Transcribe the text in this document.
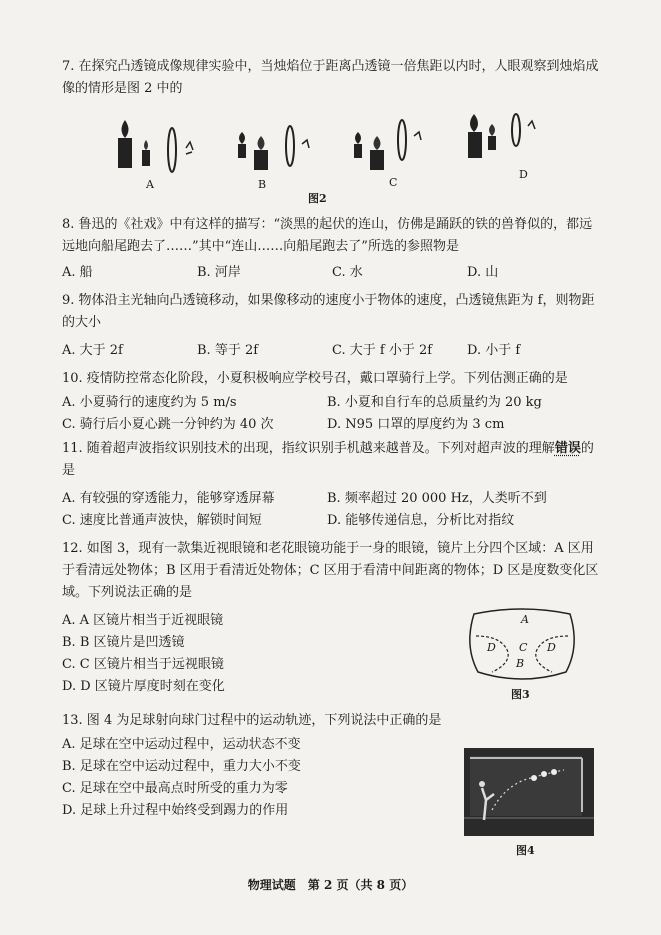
7. 在探究凸透镜成像规律实验中，当烛焰位于距离凸透镜一倍焦距以内时，人眼观察到烛焰成像的情形是图 2 中的
A	B	C
D
图2
8. 鲁迅的《社戏》中有这样的描写：“淡黑的起伏的连山，仿佛是踊跃的铁的兽脊似的，都远远地向船尾跑去了……”其中“连山……向船尾跑去了”所选的参照物是
A. 船	B. 河岸	C. 水	D. 山
9. 物体沿主光轴向凸透镜移动，如果像移动的速度小于物体的速度，凸透镜焦距为 f，则物距的大小
A. 大于 2f	B. 等于 2f	C. 大于 f 小于 2f	D. 小于 f
10. 疫情防控常态化阶段，小夏积极响应学校号召，戴口罩骑行上学。下列估测正确的是
A. 小夏骑行的速度约为 5 m/s	B. 小夏和自行车的总质量约为 20 kg
C. 骑行后小夏心跳一分钟约为 40 次	D. N95 口罩的厚度约为 3 cm
11. 随着超声波指纹识别技术的出现，指纹识别手机越来越普及。下列对超声波的理解错误的是
A. 有较强的穿透能力，能够穿透屏幕	B. 频率超过 20 000 Hz，人类听不到
C. 速度比普通声波快，解锁时间短	D. 能够传递信息，分析比对指纹
12. 如图 3，现有一款集近视眼镜和老花眼镜功能于一身的眼镜，镜片上分四个区域：A 区用于看清远处物体；B 区用于看清近处物体；C 区用于看清中间距离的物体；D 区是度数变化区域。下列说法正确的是
A. A 区镜片相当于近视眼镜
B. B 区镜片是凹透镜
C. C 区镜片相当于远视眼镜
D. D 区镜片厚度时刻在变化
A
D C D
B
图3
13. 图 4 为足球射向球门过程中的运动轨迹，下列说法中正确的是
A. 足球在空中运动过程中，运动状态不变
B. 足球在空中运动过程中，重力大小不变
C. 足球在空中最高点时所受的重力为零
D. 足球上升过程中始终受到踢力的作用
图4
物理试题　第 2 页（共 8 页）
